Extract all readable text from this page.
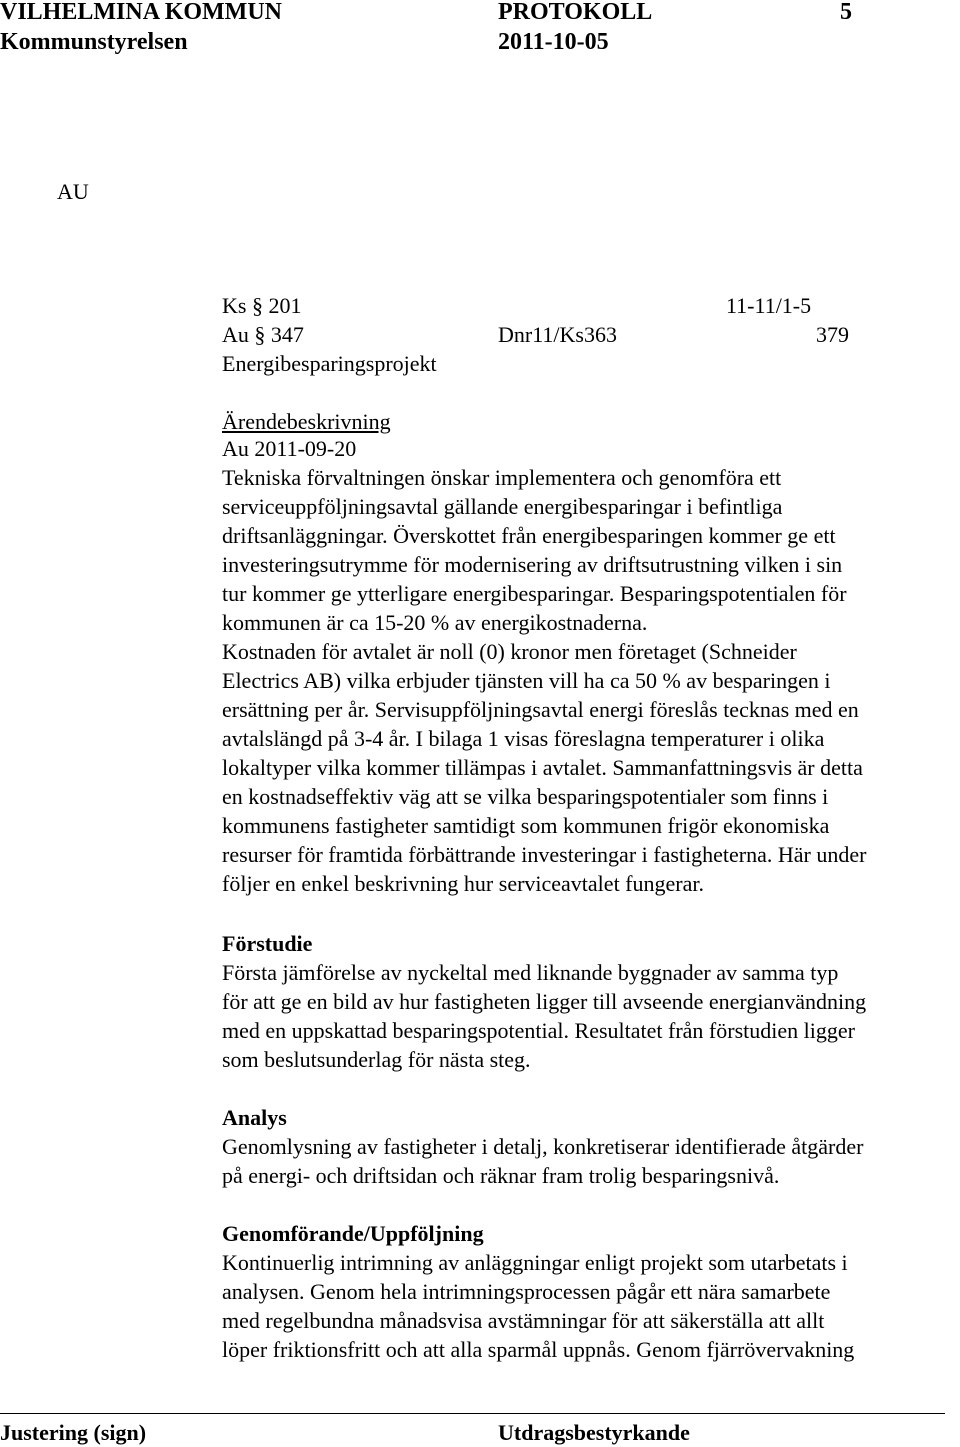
VILHELMINA KOMMUN	PROTOKOLL	5
Kommunstyrelsen	2011-10-05
AU
Ks § 201	11-11/1-5
Au § 347	Dnr11/Ks363	379
Energibesparingsprojekt
Ärendebeskrivning
Au 2011-09-20
Tekniska förvaltningen önskar implementera och genomföra ett
serviceuppföljningsavtal gällande energibesparingar i befintliga
driftsanläggningar. Överskottet från energibesparingen kommer ge ett
investeringsutrymme för modernisering av driftsutrustning vilken i sin
tur kommer ge ytterligare energibesparingar. Besparingspotentialen för
kommunen är ca 15-20 % av energikostnaderna.
Kostnaden för avtalet är noll (0) kronor men företaget (Schneider
Electrics AB) vilka erbjuder tjänsten vill ha ca 50 % av besparingen i
ersättning per år. Servisuppföljningsavtal energi föreslås tecknas med en
avtalslängd på 3-4 år. I bilaga 1 visas föreslagna temperaturer i olika
lokaltyper vilka kommer tillämpas i avtalet. Sammanfattningsvis är detta
en kostnadseffektiv väg att se vilka besparingspotentialer som finns i
kommunens fastigheter samtidigt som kommunen frigör ekonomiska
resurser för framtida förbättrande investeringar i fastigheterna. Här under
följer en enkel beskrivning hur serviceavtalet fungerar.
Förstudie
Första jämförelse av nyckeltal med liknande byggnader av samma typ
för att ge en bild av hur fastigheten ligger till avseende energianvändning
med en uppskattad besparingspotential. Resultatet från förstudien ligger
som beslutsunderlag för nästa steg.
Analys
Genomlysning av fastigheter i detalj, konkretiserar identifierade åtgärder
på energi- och driftsidan och räknar fram trolig besparingsnivå.
Genomförande/Uppföljning
Kontinuerlig intrimning av anläggningar enligt projekt som utarbetats i
analysen. Genom hela intrimningsprocessen pågår ett nära samarbete
med regelbundna månadsvisa avstämningar för att säkerställa att allt
löper friktionsfritt och att alla sparmål uppnås. Genom fjärrövervakning
Justering (sign)	Utdragsbestyrkande
